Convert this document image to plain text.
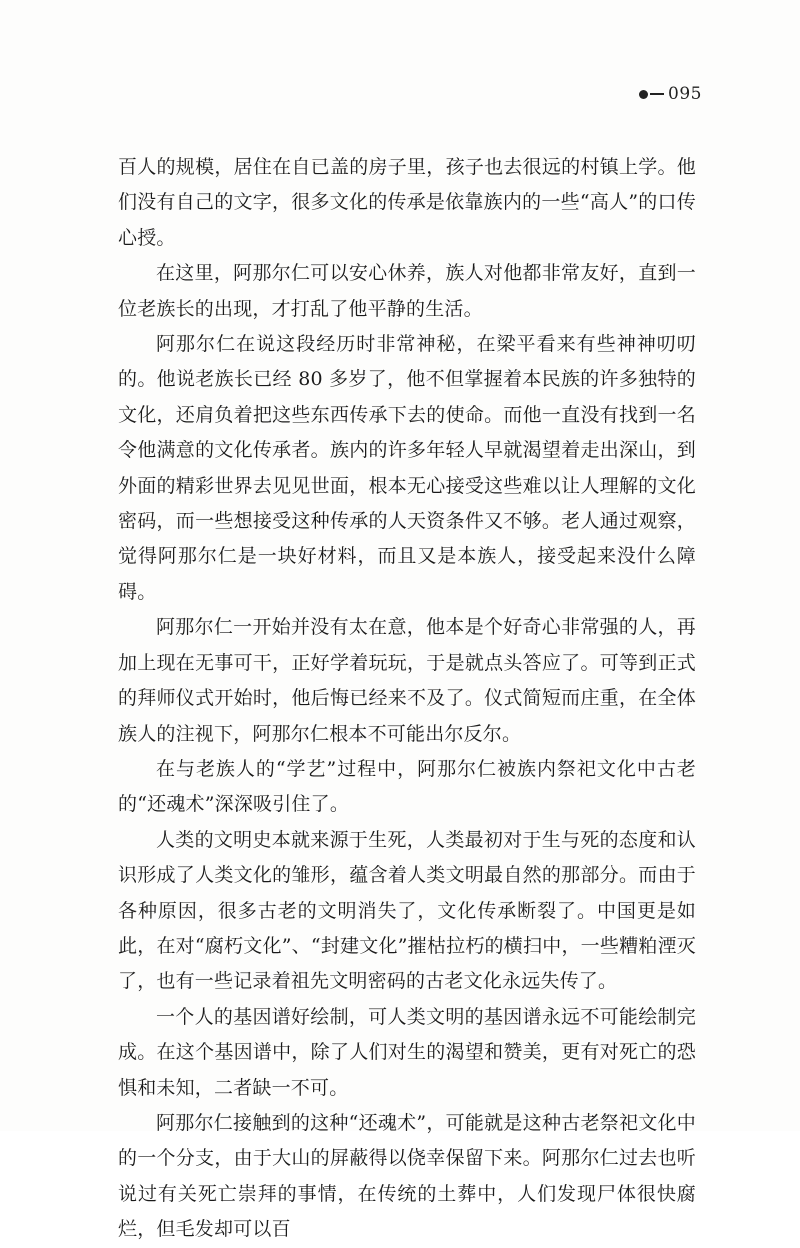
095

百人的规模，居住在自已盖的房子里，孩子也去很远的村镇上学。他们没有自己的文字，很多文化的传承是依靠族内的一些“高人”的口传心授。

在这里，阿那尔仁可以安心休养，族人对他都非常友好，直到一位老族长的出现，才打乱了他平静的生活。

阿那尔仁在说这段经历时非常神秘，在梁平看来有些神神叨叨的。他说老族长已经 80 多岁了，他不但掌握着本民族的许多独特的文化，还肩负着把这些东西传承下去的使命。而他一直没有找到一名令他满意的文化传承者。族内的许多年轻人早就渴望着走出深山，到外面的精彩世界去见见世面，根本无心接受这些难以让人理解的文化密码，而一些想接受这种传承的人天资条件又不够。老人通过观察，觉得阿那尔仁是一块好材料，而且又是本族人，接受起来没什么障碍。

阿那尔仁一开始并没有太在意，他本是个好奇心非常强的人，再加上现在无事可干，正好学着玩玩，于是就点头答应了。可等到正式的拜师仪式开始时，他后悔已经来不及了。仪式简短而庄重，在全体族人的注视下，阿那尔仁根本不可能出尔反尔。

在与老族人的“学艺”过程中，阿那尔仁被族内祭祀文化中古老的“还魂术”深深吸引住了。

人类的文明史本就来源于生死，人类最初对于生与死的态度和认识形成了人类文化的雏形，蕴含着人类文明最自然的那部分。而由于各种原因，很多古老的文明消失了，文化传承断裂了。中国更是如此，在对“腐朽文化”、“封建文化”摧枯拉朽的横扫中，一些糟粕湮灭了，也有一些记录着祖先文明密码的古老文化永远失传了。

一个人的基因谱好绘制，可人类文明的基因谱永远不可能绘制完成。在这个基因谱中，除了人们对生的渴望和赞美，更有对死亡的恐惧和未知，二者缺一不可。

阿那尔仁接触到的这种“还魂术”，可能就是这种古老祭祀文化中的一个分支，由于大山的屏蔽得以侥幸保留下来。阿那尔仁过去也听说过有关死亡崇拜的事情，在传统的土葬中，人们发现尸体很快腐烂，但毛发却可以百
